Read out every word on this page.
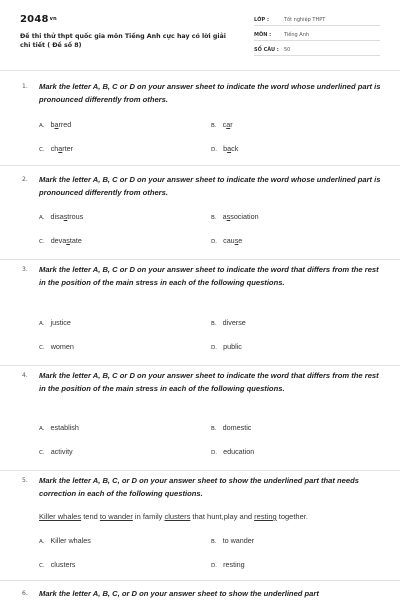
$2048^{vn}$
Đề thi thử thpt quốc gia môn Tiếng Anh cực hay có lời giải chi tiết ( Đề số 8)
LỚP :	Tốt nghiệp THPT
MÔN :	Tiếng Anh
SỐ CÂU : 50
1. Mark the letter A, B, C or D on your answer sheet to indicate the word whose underlined part is pronounced differently from others.
A. barred	B. car
C. charter	D. back
2. Mark the letter A, B, C or D on your answer sheet to indicate the word whose underlined part is pronounced differently from others.
A. disastrous	B. association
C. devastate	D. cause
3. Mark the letter A, B, C or D on your answer sheet to indicate the word that differs from the rest in the position of the main stress in each of the following questions.
A. justice	B. diverse
C. women	D. public
4. Mark the letter A, B, C or D on your answer sheet to indicate the word that differs from the rest in the position of the main stress in each of the following questions.
A. establish	B. domestic
C. activity	D. education
5. Mark the letter A, B, C, or D on your answer sheet to show the underlined part that needs correction in each of the following questions.
Killer whales tend to wander in family clusters that hunt,play and resting together.
A. Killer whales	B. to wander
C. clusters	D. resting
6. Mark the letter A, B, C, or D on your answer sheet to show the underlined part
